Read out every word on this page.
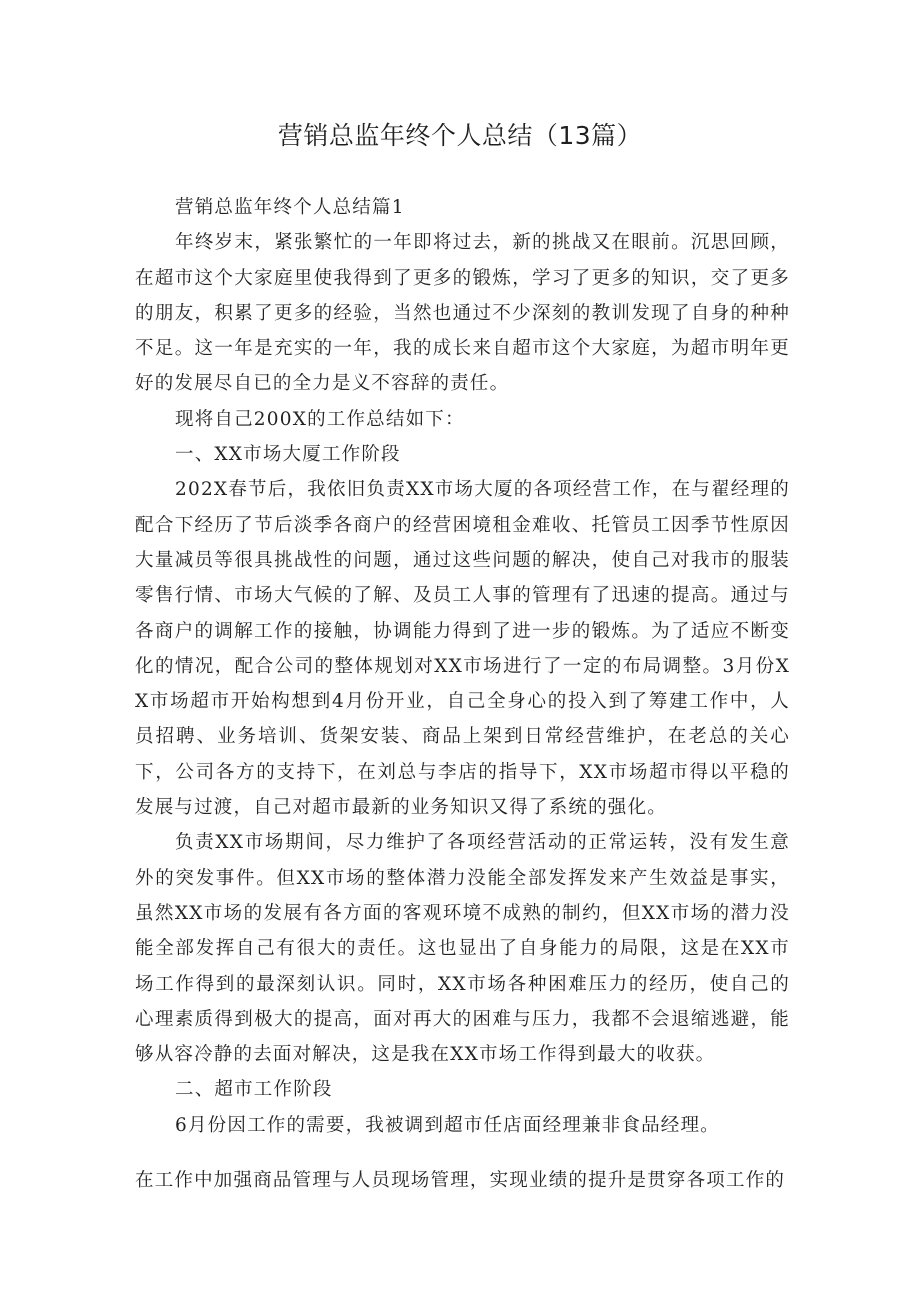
营销总监年终个人总结（13篇）

营销总监年终个人总结篇1

年终岁末，紧张繁忙的一年即将过去，新的挑战又在眼前。沉思回顾，在超市这个大家庭里使我得到了更多的锻炼，学习了更多的知识，交了更多的朋友，积累了更多的经验，当然也通过不少深刻的教训发现了自身的种种不足。这一年是充实的一年，我的成长来自超市这个大家庭，为超市明年更好的发展尽自已的全力是义不容辞的责任。

现将自己200X的工作总结如下：

一、XX市场大厦工作阶段

202X春节后，我依旧负责XX市场大厦的各项经营工作，在与翟经理的配合下经历了节后淡季各商户的经营困境租金难收、托管员工因季节性原因大量减员等很具挑战性的问题，通过这些问题的解决，使自己对我市的服装零售行情、市场大气候的了解、及员工人事的管理有了迅速的提高。通过与各商户的调解工作的接触，协调能力得到了进一步的锻炼。为了适应不断变化的情况，配合公司的整体规划对XX市场进行了一定的布局调整。3月份XX市场超市开始构想到4月份开业，自己全身心的投入到了筹建工作中，人员招聘、业务培训、货架安装、商品上架到日常经营维护，在老总的关心下，公司各方的支持下，在刘总与李店的指导下，XX市场超市得以平稳的发展与过渡，自己对超市最新的业务知识又得了系统的强化。

负责XX市场期间，尽力维护了各项经营活动的正常运转，没有发生意外的突发事件。但XX市场的整体潜力没能全部发挥发来产生效益是事实，虽然XX市场的发展有各方面的客观环境不成熟的制约，但XX市场的潜力没能全部发挥自己有很大的责任。这也显出了自身能力的局限，这是在XX市场工作得到的最深刻认识。同时，XX市场各种困难压力的经历，使自己的心理素质得到极大的提高，面对再大的困难与压力，我都不会退缩逃避，能够从容冷静的去面对解决，这是我在XX市场工作得到最大的收获。

二、超市工作阶段

6月份因工作的需要，我被调到超市任店面经理兼非食品经理。

在工作中加强商品管理与人员现场管理，实现业绩的提升是贯穿各项工作的
